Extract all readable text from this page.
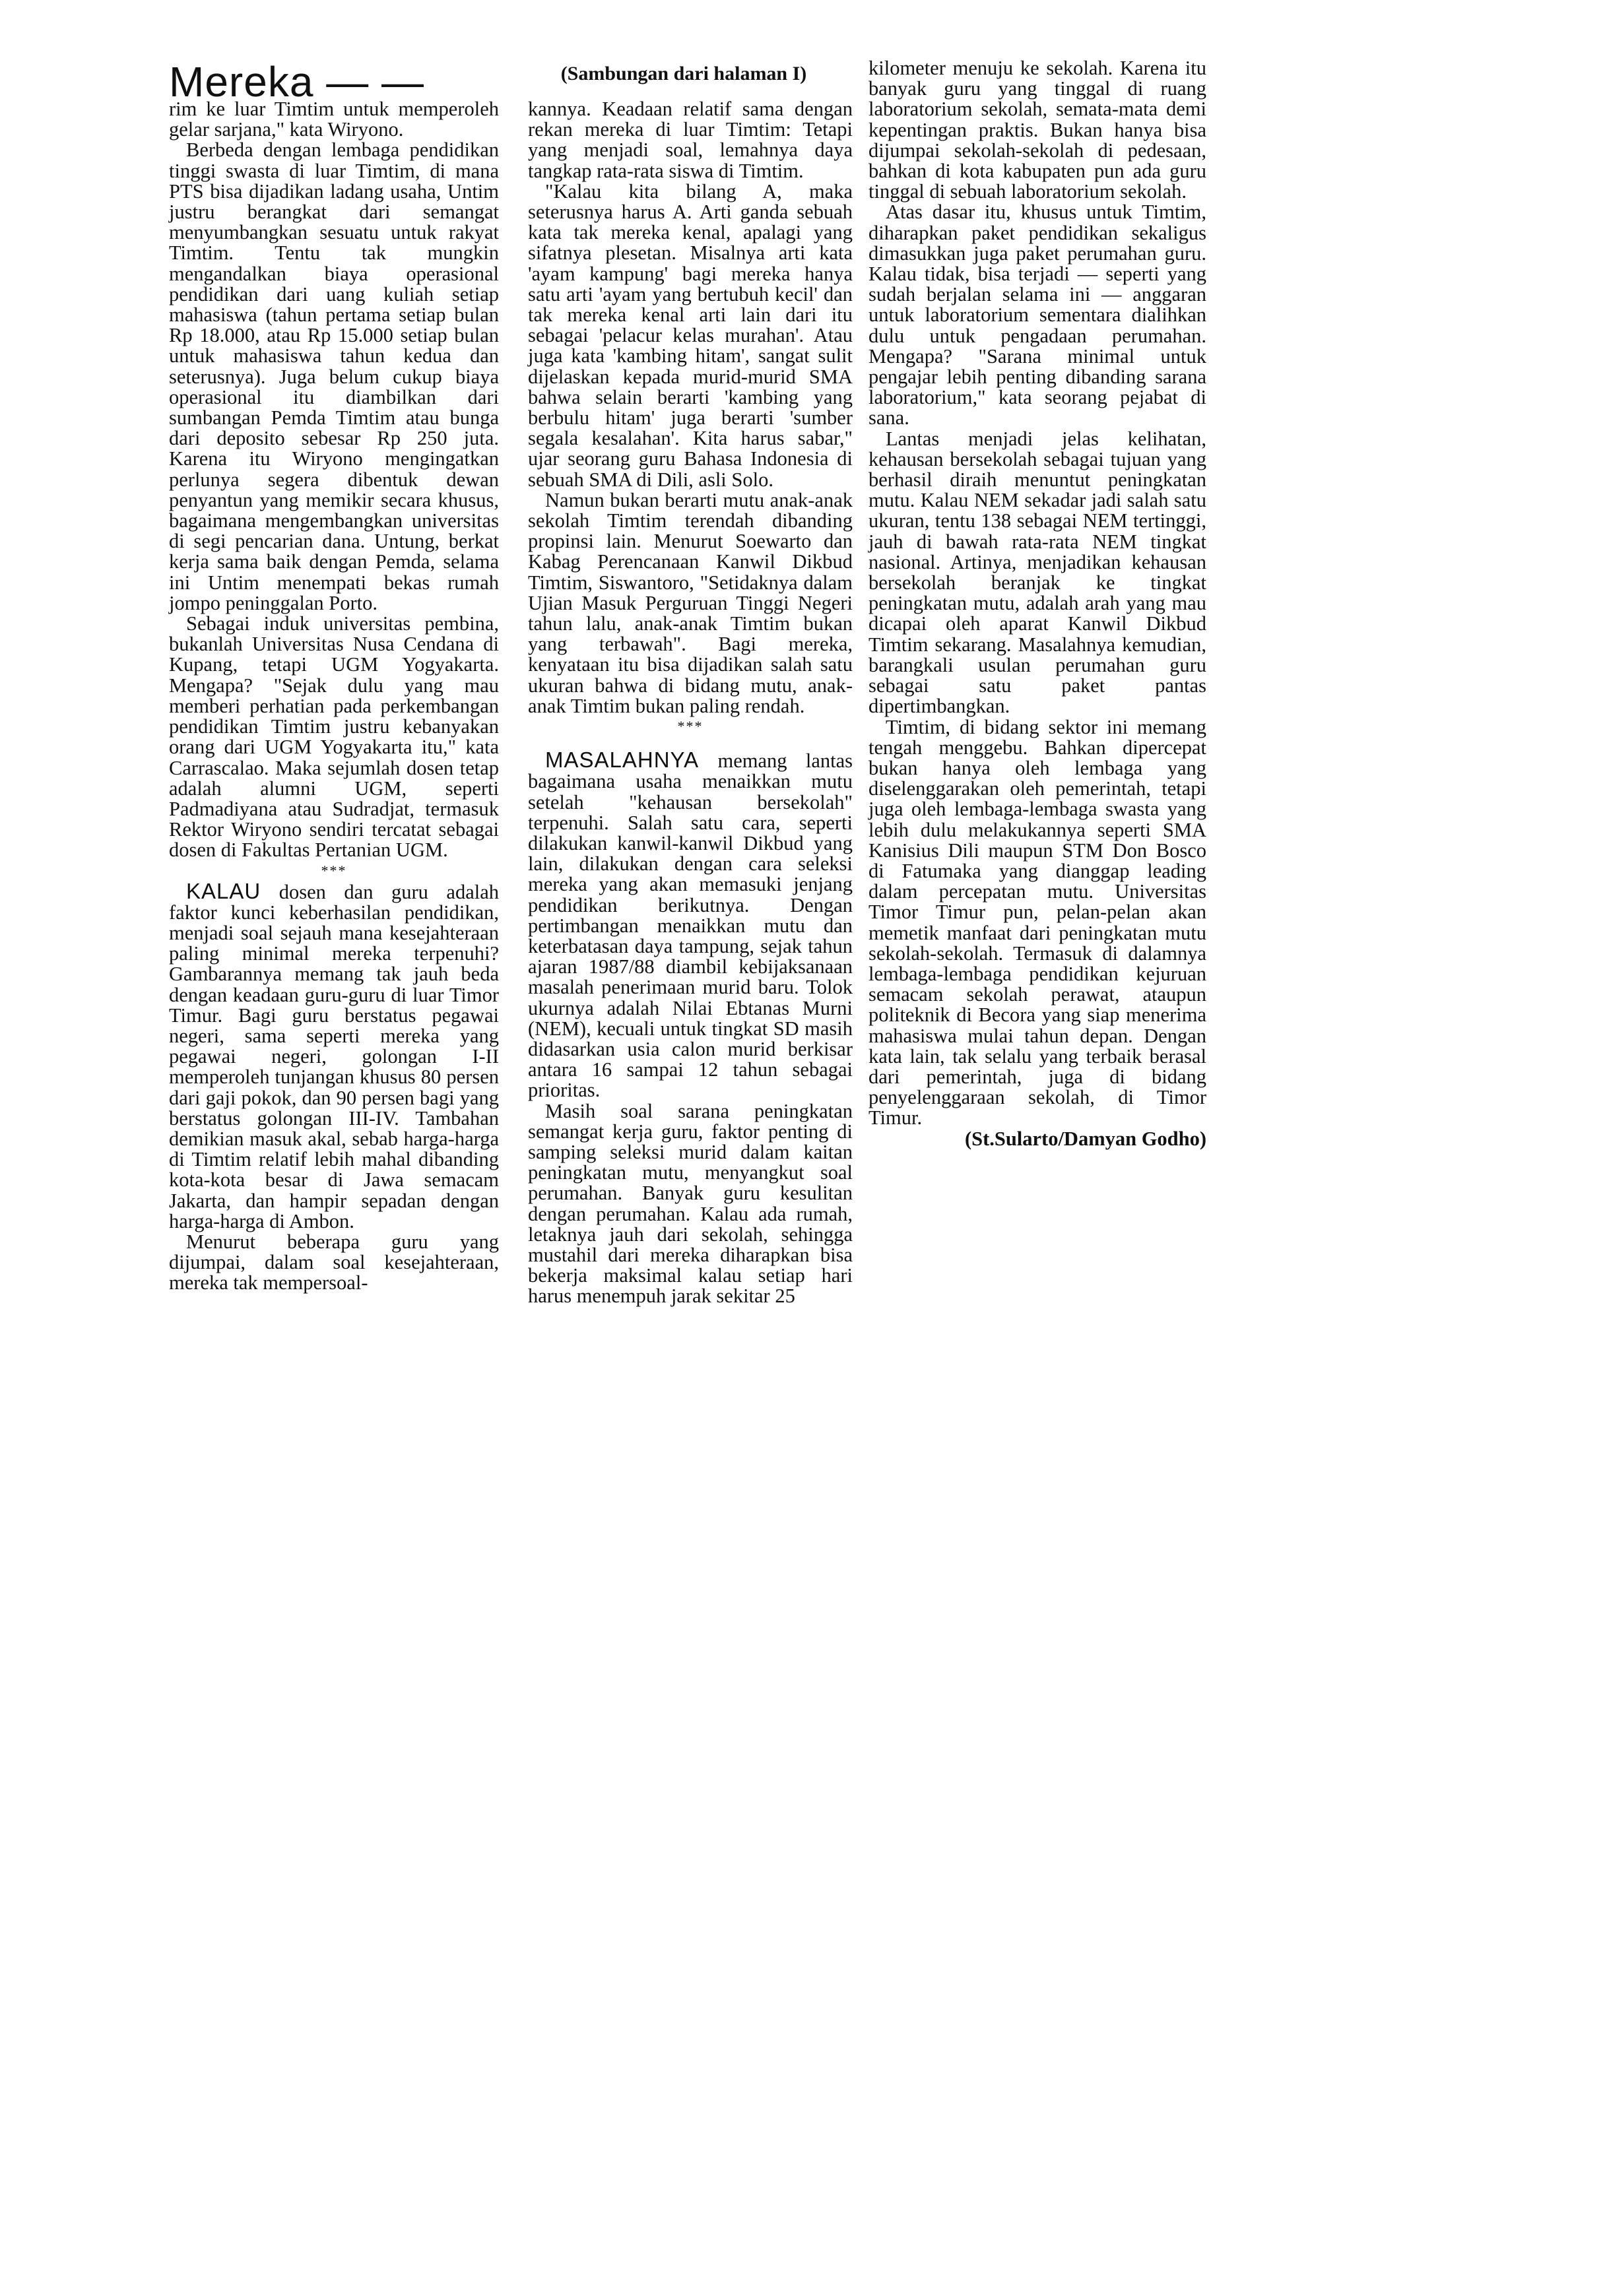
Mereka — —	(Sambungan dari halaman I)

rim ke luar Timtim untuk memperoleh gelar sarjana," kata Wiryono.

Berbeda dengan lembaga pendidikan tinggi swasta di luar Timtim, di mana PTS bisa dijadikan ladang usaha, Untim justru berangkat dari semangat menyumbangkan sesuatu untuk rakyat Timtim. Tentu tak mungkin mengandalkan biaya operasional pendidikan dari uang kuliah setiap mahasiswa (tahun pertama setiap bulan Rp 18.000, atau Rp 15.000 setiap bulan untuk mahasiswa tahun kedua dan seterusnya). Juga belum cukup biaya operasional itu diambilkan dari sumbangan Pemda Timtim atau bunga dari deposito sebesar Rp 250 juta. Karena itu Wiryono mengingatkan perlunya segera dibentuk dewan penyantun yang memikir secara khusus, bagaimana mengembangkan universitas di segi pencarian dana. Untung, berkat kerja sama baik dengan Pemda, selama ini Untim menempati bekas rumah jompo peninggalan Porto.

Sebagai induk universitas pembina, bukanlah Universitas Nusa Cendana di Kupang, tetapi UGM Yogyakarta. Mengapa? "Sejak dulu yang mau memberi perhatian pada perkembangan pendidikan Timtim justru kebanyakan orang dari UGM Yogyakarta itu," kata Carrascalao. Maka sejumlah dosen tetap adalah alumni UGM, seperti Padmadiyana atau Sudradjat, termasuk Rektor Wiryono sendiri tercatat sebagai dosen di Fakultas Pertanian UGM.

***

KALAU dosen dan guru adalah faktor kunci keberhasilan pendidikan, menjadi soal sejauh mana kesejahteraan paling minimal mereka terpenuhi? Gambarannya memang tak jauh beda dengan keadaan guru-guru di luar Timor Timur. Bagi guru berstatus pegawai negeri, sama seperti mereka yang pegawai negeri, golongan I-II memperoleh tunjangan khusus 80 persen dari gaji pokok, dan 90 persen bagi yang berstatus golongan III-IV. Tambahan demikian masuk akal, sebab harga-harga di Timtim relatif lebih mahal dibanding kota-kota besar di Jawa semacam Jakarta, dan hampir sepadan dengan harga-harga di Ambon.

Menurut beberapa guru yang dijumpai, dalam soal kesejahteraan, mereka tak mempersoal-

kannya. Keadaan relatif sama dengan rekan mereka di luar Timtim: Tetapi yang menjadi soal, lemahnya daya tangkap rata-rata siswa di Timtim.

"Kalau kita bilang A, maka seterusnya harus A. Arti ganda sebuah kata tak mereka kenal, apalagi yang sifatnya plesetan. Misalnya arti kata 'ayam kampung' bagi mereka hanya satu arti 'ayam yang bertubuh kecil' dan tak mereka kenal arti lain dari itu sebagai 'pelacur kelas murahan'. Atau juga kata 'kambing hitam', sangat sulit dijelaskan kepada murid-murid SMA bahwa selain berarti 'kambing yang berbulu hitam' juga berarti 'sumber segala kesalahan'. Kita harus sabar," ujar seorang guru Bahasa Indonesia di sebuah SMA di Dili, asli Solo.

Namun bukan berarti mutu anak-anak sekolah Timtim terendah dibanding propinsi lain. Menurut Soewarto dan Kabag Perencanaan Kanwil Dikbud Timtim, Siswantoro, "Setidaknya dalam Ujian Masuk Perguruan Tinggi Negeri tahun lalu, anak-anak Timtim bukan yang terbawah". Bagi mereka, kenyataan itu bisa dijadikan salah satu ukuran bahwa di bidang mutu, anak-anak Timtim bukan paling rendah.

***

MASALAHNYA memang lantas bagaimana usaha menaikkan mutu setelah "kehausan bersekolah" terpenuhi. Salah satu cara, seperti dilakukan kanwil-kanwil Dikbud yang lain, dilakukan dengan cara seleksi mereka yang akan memasuki jenjang pendidikan berikutnya. Dengan pertimbangan menaikkan mutu dan keterbatasan daya tampung, sejak tahun ajaran 1987/88 diambil kebijaksanaan masalah penerimaan murid baru. Tolok ukurnya adalah Nilai Ebtanas Murni (NEM), kecuali untuk tingkat SD masih didasarkan usia calon murid berkisar antara 16 sampai 12 tahun sebagai prioritas.

Masih soal sarana peningkatan semangat kerja guru, faktor penting di samping seleksi murid dalam kaitan peningkatan mutu, menyangkut soal perumahan. Banyak guru kesulitan dengan perumahan. Kalau ada rumah, letaknya jauh dari sekolah, sehingga mustahil dari mereka diharapkan bisa bekerja maksimal kalau setiap hari harus menempuh jarak sekitar 25

kilometer menuju ke sekolah. Karena itu banyak guru yang tinggal di ruang laboratorium sekolah, semata-mata demi kepentingan praktis. Bukan hanya bisa dijumpai sekolah-sekolah di pedesaan, bahkan di kota kabupaten pun ada guru tinggal di sebuah laboratorium sekolah.

Atas dasar itu, khusus untuk Timtim, diharapkan paket pendidikan sekaligus dimasukkan juga paket perumahan guru. Kalau tidak, bisa terjadi — seperti yang sudah berjalan selama ini — anggaran untuk laboratorium sementara dialihkan dulu untuk pengadaan perumahan. Mengapa? "Sarana minimal untuk pengajar lebih penting dibanding sarana laboratorium," kata seorang pejabat di sana.

Lantas menjadi jelas kelihatan, kehausan bersekolah sebagai tujuan yang berhasil diraih menuntut peningkatan mutu. Kalau NEM sekadar jadi salah satu ukuran, tentu 138 sebagai NEM tertinggi, jauh di bawah rata-rata NEM tingkat nasional. Artinya, menjadikan kehausan bersekolah beranjak ke tingkat peningkatan mutu, adalah arah yang mau dicapai oleh aparat Kanwil Dikbud Timtim sekarang. Masalahnya kemudian, barangkali usulan perumahan guru sebagai satu paket pantas dipertimbangkan.

Timtim, di bidang sektor ini memang tengah menggebu. Bahkan dipercepat bukan hanya oleh lembaga yang diselenggarakan oleh pemerintah, tetapi juga oleh lembaga-lembaga swasta yang lebih dulu melakukannya seperti SMA Kanisius Dili maupun STM Don Bosco di Fatumaka yang dianggap leading dalam percepatan mutu. Universitas Timor Timur pun, pelan-pelan akan memetik manfaat dari peningkatan mutu sekolah-sekolah. Termasuk di dalamnya lembaga-lembaga pendidikan kejuruan semacam sekolah perawat, ataupun politeknik di Becora yang siap menerima mahasiswa mulai tahun depan. Dengan kata lain, tak selalu yang terbaik berasal dari pemerintah, juga di bidang penyelenggaraan sekolah, di Timor Timur.

(St.Sularto/Damyan Godho)
